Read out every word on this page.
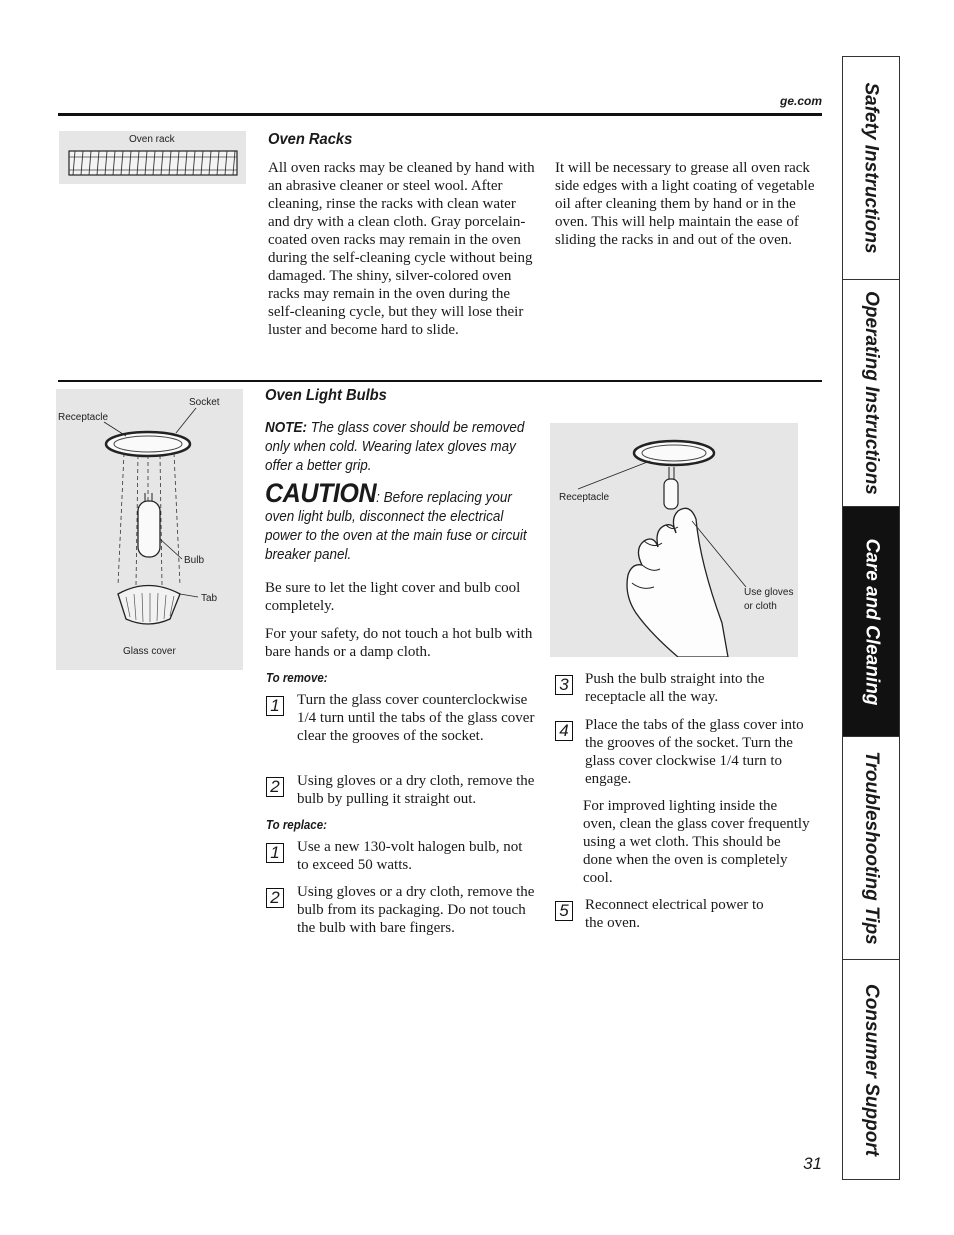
ge.com
Oven rack	Oven Racks
All oven racks may be cleaned by hand with an abrasive cleaner or steel wool. After cleaning, rinse the racks with clean water and dry with a clean cloth. Gray porcelain-coated oven racks may remain in the oven during the self-cleaning cycle without being damaged. The shiny, silver-colored oven racks may remain in the oven during the self-cleaning cycle, but they will lose their luster and become hard to slide.
It will be necessary to grease all oven rack side edges with a light coating of vegetable oil after cleaning them by hand or in the oven. This will help maintain the ease of sliding the racks in and out of the oven.
Receptacle
Socket
Bulb
Tab
Glass cover
Oven Light Bulbs
NOTE: The glass cover should be removed only when cold. Wearing latex gloves may offer a better grip.
CAUTION: Before replacing your oven light bulb, disconnect the electrical power to the oven at the main fuse or circuit breaker panel.
Be sure to let the light cover and bulb cool completely.
For your safety, do not touch a hot bulb with bare hands or a damp cloth.
To remove:
1 Turn the glass cover counterclockwise 1/4 turn until the tabs of the glass cover clear the grooves of the socket.
2 Using gloves or a dry cloth, remove the bulb by pulling it straight out.
To replace:
1 Use a new 130-volt halogen bulb, not to exceed 50 watts.
2 Using gloves or a dry cloth, remove the bulb from its packaging. Do not touch the bulb with bare fingers.
Receptacle
Use gloves or cloth
3 Push the bulb straight into the receptacle all the way.
4 Place the tabs of the glass cover into the grooves of the socket. Turn the glass cover clockwise 1/4 turn to engage.
For improved lighting inside the oven, clean the glass cover frequently using a wet cloth. This should be done when the oven is completely cool.
5 Reconnect electrical power to the oven.
Safety Instructions
Operating Instructions
Care and Cleaning
Troubleshooting Tips
Consumer Support
31
